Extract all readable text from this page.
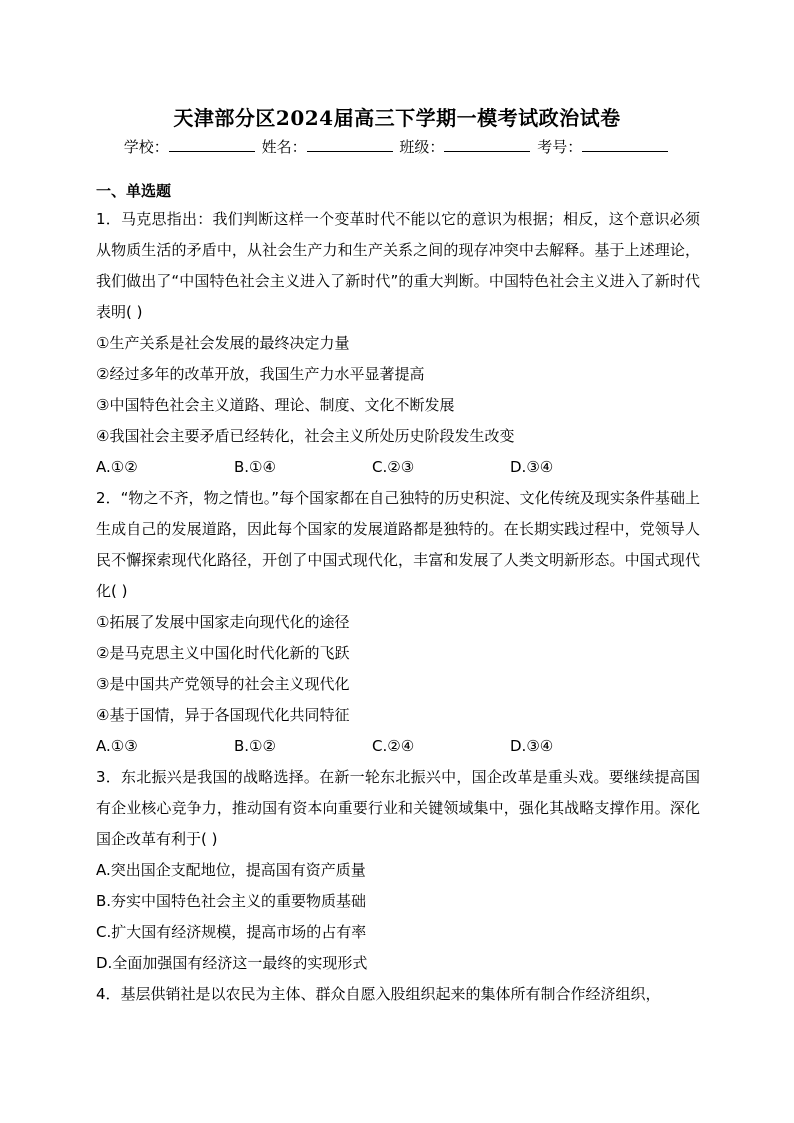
天津部分区2024届高三下学期一模考试政治试卷
学校：	姓名：	班级：	考号：
一、单选题
1．马克思指出：我们判断这样一个变革时代不能以它的意识为根据；相反，这个意识必须从物质生活的矛盾中，从社会生产力和生产关系之间的现存冲突中去解释。基于上述理论，我们做出了“中国特色社会主义进入了新时代”的重大判断。中国特色社会主义进入了新时代表明( )
①生产关系是社会发展的最终决定力量
②经过多年的改革开放，我国生产力水平显著提高
③中国特色社会主义道路、理论、制度、文化不断发展
④我国社会主要矛盾已经转化，社会主义所处历史阶段发生改变
A.①②	B.①④	C.②③	D.③④
2．“物之不齐，物之情也。”每个国家都在自己独特的历史积淀、文化传统及现实条件基础上生成自己的发展道路，因此每个国家的发展道路都是独特的。在长期实践过程中，党领导人民不懈探索现代化路径，开创了中国式现代化，丰富和发展了人类文明新形态。中国式现代化( )
①拓展了发展中国家走向现代化的途径
②是马克思主义中国化时代化新的飞跃
③是中国共产党领导的社会主义现代化
④基于国情，异于各国现代化共同特征
A.①③	B.①②	C.②④	D.③④
3．东北振兴是我国的战略选择。在新一轮东北振兴中，国企改革是重头戏。要继续提高国有企业核心竞争力，推动国有资本向重要行业和关键领域集中，强化其战略支撑作用。深化国企改革有利于( )
A.突出国企支配地位，提高国有资产质量
B.夯实中国特色社会主义的重要物质基础
C.扩大国有经济规模，提高市场的占有率
D.全面加强国有经济这一最终的实现形式
4．基层供销社是以农民为主体、群众自愿入股组织起来的集体所有制合作经济组织，
